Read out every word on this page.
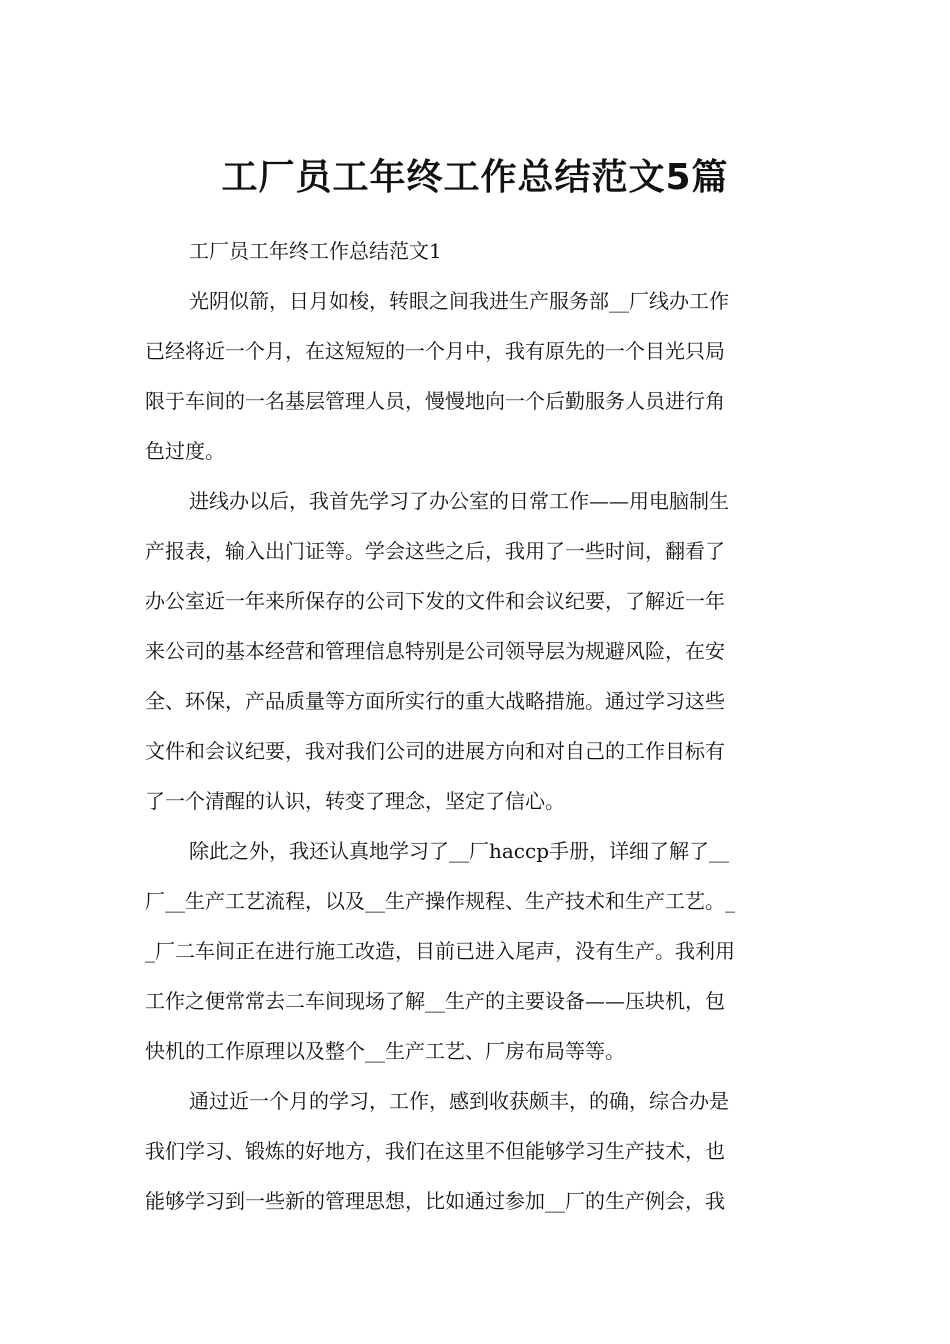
工厂员工年终工作总结范文5篇

工厂员工年终工作总结范文1

光阴似箭，日月如梭，转眼之间我进生产服务部__厂线办工作
已经将近一个月，在这短短的一个月中，我有原先的一个目光只局
限于车间的一名基层管理人员，慢慢地向一个后勤服务人员进行角
色过度。

进线办以后，我首先学习了办公室的日常工作——用电脑制生
产报表，输入出门证等。学会这些之后，我用了一些时间，翻看了
办公室近一年来所保存的公司下发的文件和会议纪要，了解近一年
来公司的基本经营和管理信息特别是公司领导层为规避风险，在安
全、环保，产品质量等方面所实行的重大战略措施。通过学习这些
文件和会议纪要，我对我们公司的进展方向和对自己的工作目标有
了一个清醒的认识，转变了理念，坚定了信心。

除此之外，我还认真地学习了__厂haccp手册，详细了解了__
厂__生产工艺流程，以及__生产操作规程、生产技术和生产工艺。_
_厂二车间正在进行施工改造，目前已进入尾声，没有生产。我利用
工作之便常常去二车间现场了解__生产的主要设备——压块机，包
快机的工作原理以及整个__生产工艺、厂房布局等等。

通过近一个月的学习，工作，感到收获颇丰，的确，综合办是
我们学习、锻炼的好地方，我们在这里不但能够学习生产技术，也
能够学习到一些新的管理思想，比如通过参加__厂的生产例会，我
